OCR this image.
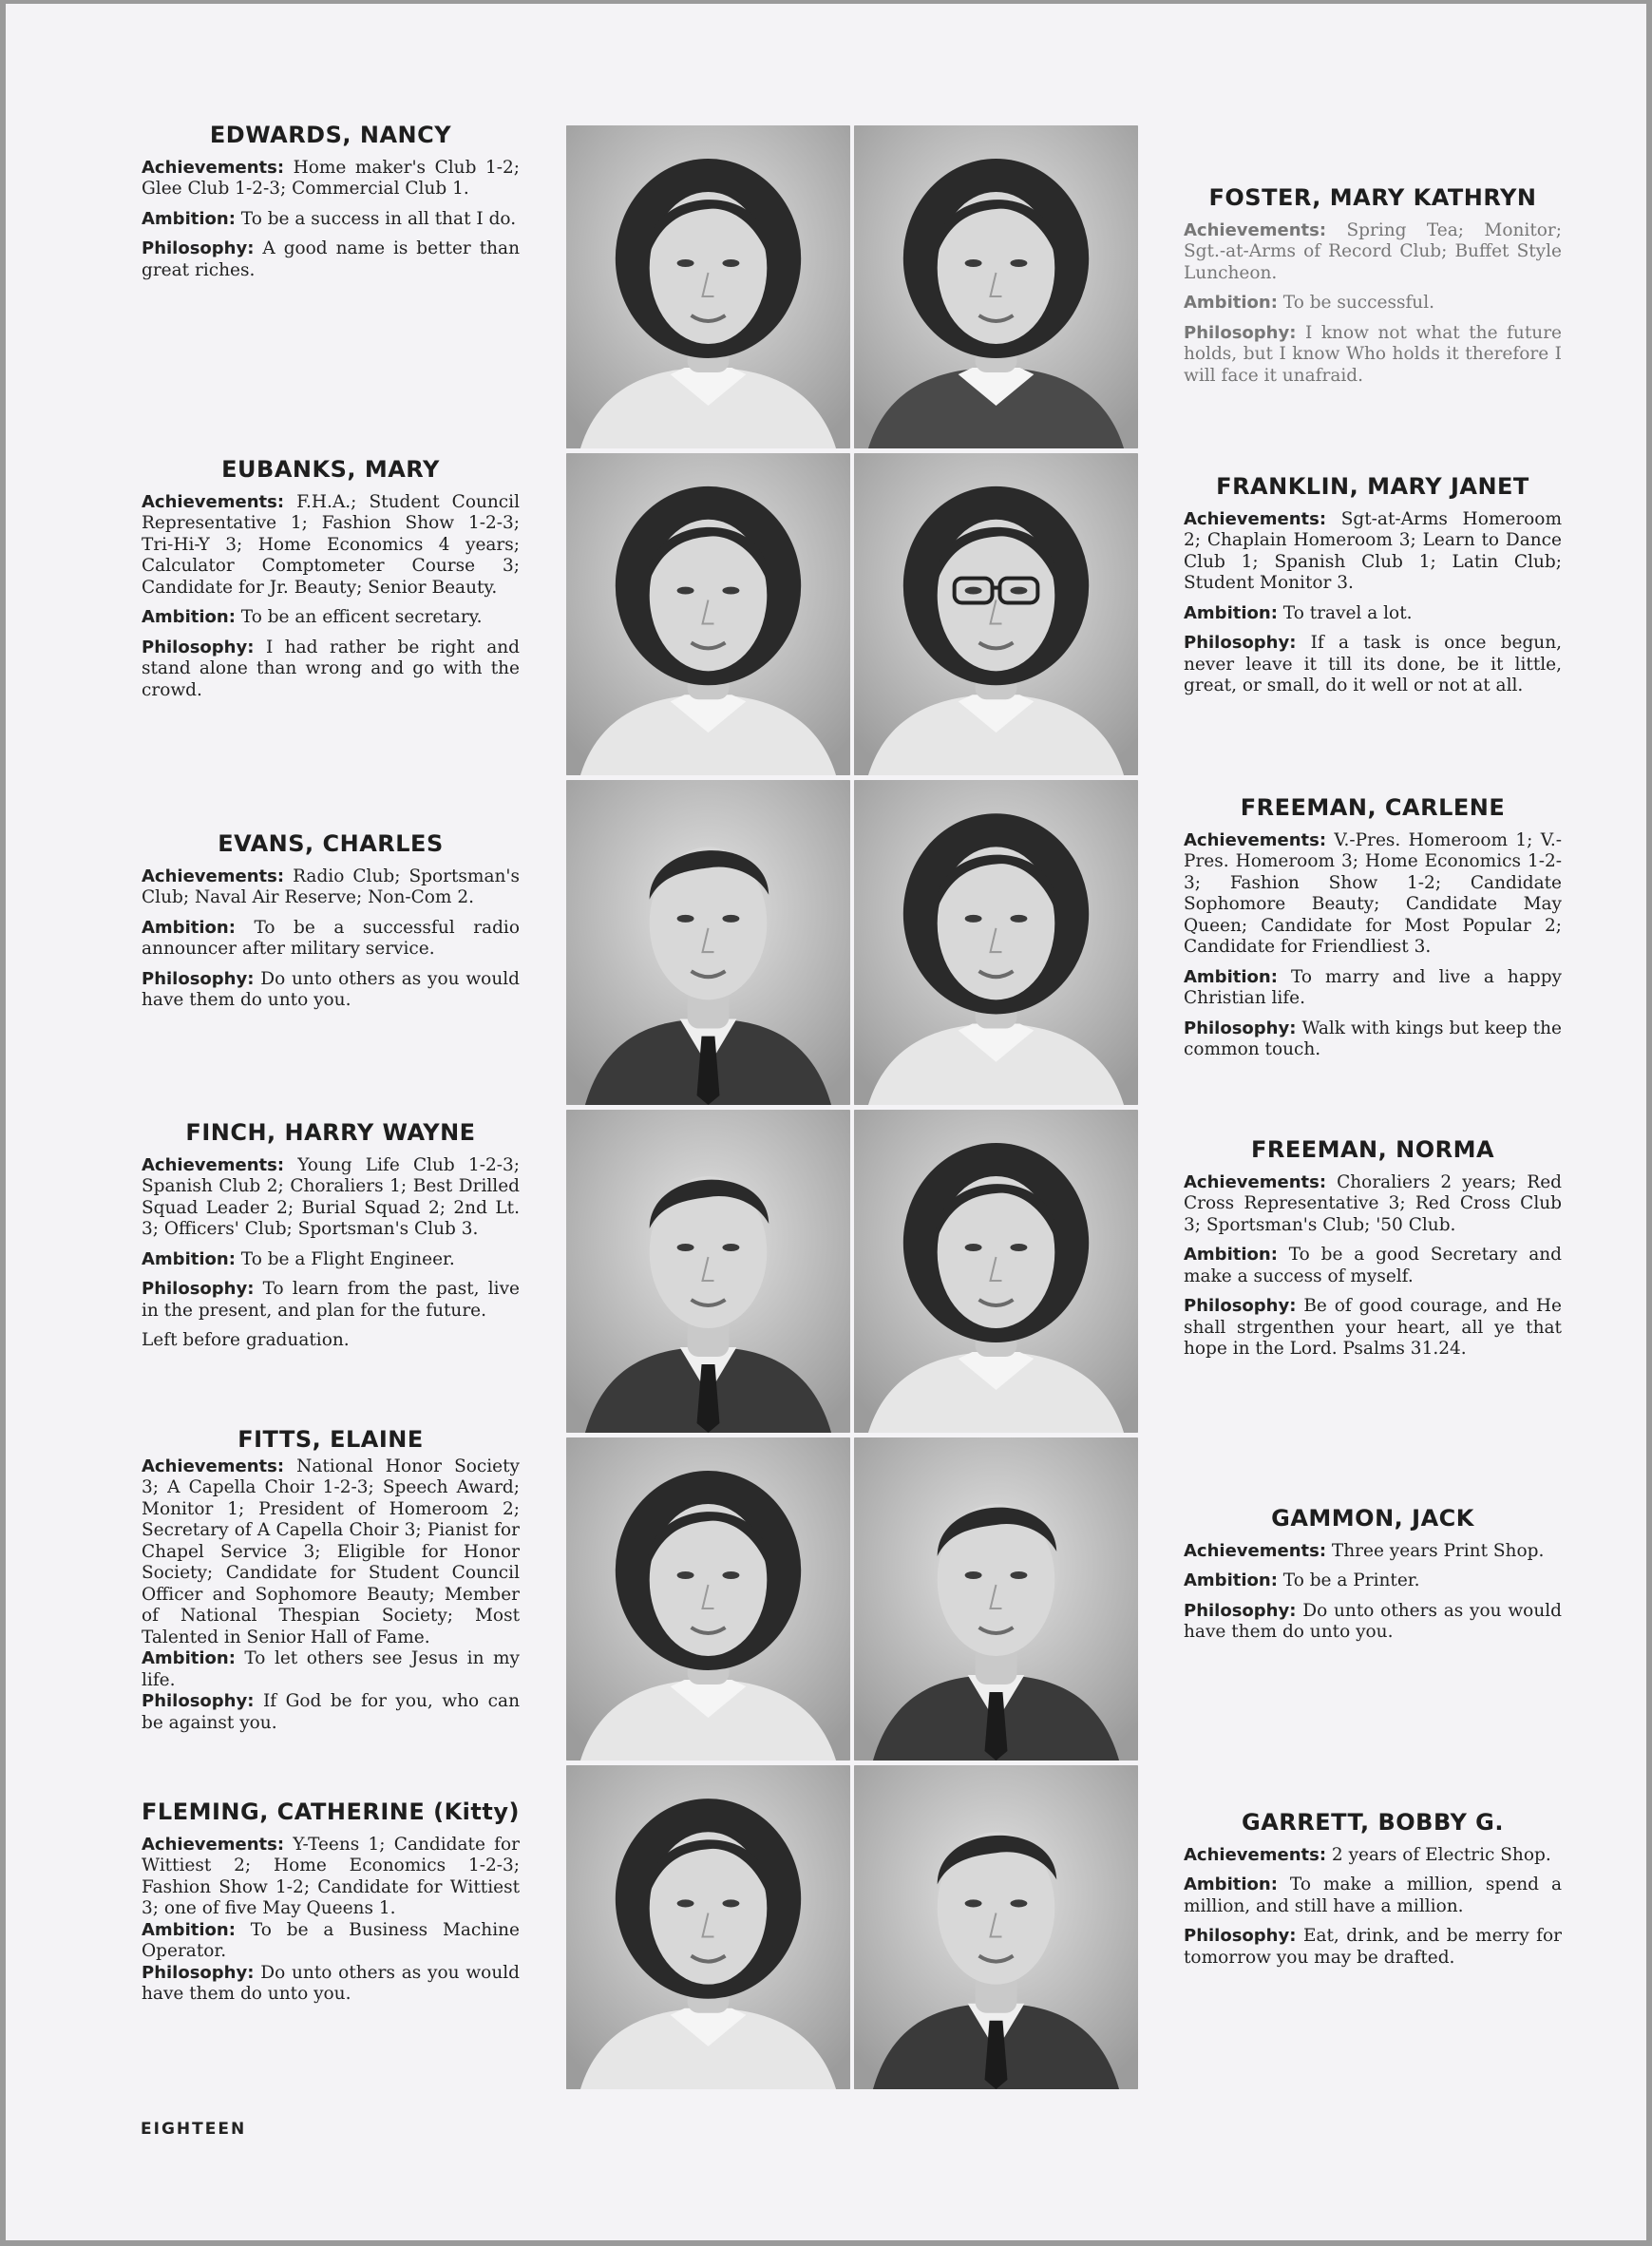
EDWARDS, NANCY
Achievements: Home maker's Club 1-2; Glee Club 1-2-3; Commercial Club 1.
Ambition: To be a success in all that I do.
Philosophy: A good name is better than great riches.
EUBANKS, MARY
Achievements: F.H.A.; Student Council Representative 1; Fashion Show 1-2-3; Tri-Hi-Y 3; Home Economics 4 years; Calculator Comptometer Course 3; Candidate for Jr. Beauty; Senior Beauty.
Ambition: To be an efficent secretary.
Philosophy: I had rather be right and stand alone than wrong and go with the crowd.
EVANS, CHARLES
Achievements: Radio Club; Sportsman's Club; Naval Air Reserve; Non-Com 2.
Ambition: To be a successful radio announcer after military service.
Philosophy: Do unto others as you would have them do unto you.
FINCH, HARRY WAYNE
Achievements: Young Life Club 1-2-3; Spanish Club 2; Choraliers 1; Best Drilled Squad Leader 2; Burial Squad 2; 2nd Lt. 3; Officers' Club; Sportsman's Club 3.
Ambition: To be a Flight Engineer.
Philosophy: To learn from the past, live in the present, and plan for the future.
Left before graduation.
FITTS, ELAINE
Achievements: National Honor Society 3; A Capella Choir 1-2-3; Speech Award; Monitor 1; President of Homeroom 2; Secretary of A Capella Choir 3; Pianist for Chapel Service 3; Eligible for Honor Society; Candidate for Student Council Officer and Sophomore Beauty; Member of National Thespian Society; Most Talented in Senior Hall of Fame.
Ambition: To let others see Jesus in my life.
Philosophy: If God be for you, who can be against you.
FLEMING, CATHERINE (Kitty)
Achievements: Y-Teens 1; Candidate for Wittiest 2; Home Economics 1-2-3; Fashion Show 1-2; Candidate for Wittiest 3; one of five May Queens 1.
Ambition: To be a Business Machine Operator.
Philosophy: Do unto others as you would have them do unto you.
FOSTER, MARY KATHRYN
Achievements: Spring Tea; Monitor; Sgt.-at-Arms of Record Club; Buffet Style Luncheon.
Ambition: To be successful.
Philosophy: I know not what the future holds, but I know Who holds it therefore I will face it unafraid.
FRANKLIN, MARY JANET
Achievements: Sgt-at-Arms Homeroom 2; Chaplain Homeroom 3; Learn to Dance Club 1; Spanish Club 1; Latin Club; Student Monitor 3.
Ambition: To travel a lot.
Philosophy: If a task is once begun, never leave it till its done, be it little, great, or small, do it well or not at all.
FREEMAN, CARLENE
Achievements: V.-Pres. Homeroom 1; V.-Pres. Homeroom 3; Home Economics 1-2-3; Fashion Show 1-2; Candidate Sophomore Beauty; Candidate May Queen; Candidate for Most Popular 2; Candidate for Friendliest 3.
Ambition: To marry and live a happy Christian life.
Philosophy: Walk with kings but keep the common touch.
FREEMAN, NORMA
Achievements: Choraliers 2 years; Red Cross Representative 3; Red Cross Club 3; Sportsman's Club; '50 Club.
Ambition: To be a good Secretary and make a success of myself.
Philosophy: Be of good courage, and He shall strgenthen your heart, all ye that hope in the Lord. Psalms 31.24.
GAMMON, JACK
Achievements: Three years Print Shop.
Ambition: To be a Printer.
Philosophy: Do unto others as you would have them do unto you.
GARRETT, BOBBY G.
Achievements: 2 years of Electric Shop.
Ambition: To make a million, spend a million, and still have a million.
Philosophy: Eat, drink, and be merry for tomorrow you may be drafted.
EIGHTEEN
